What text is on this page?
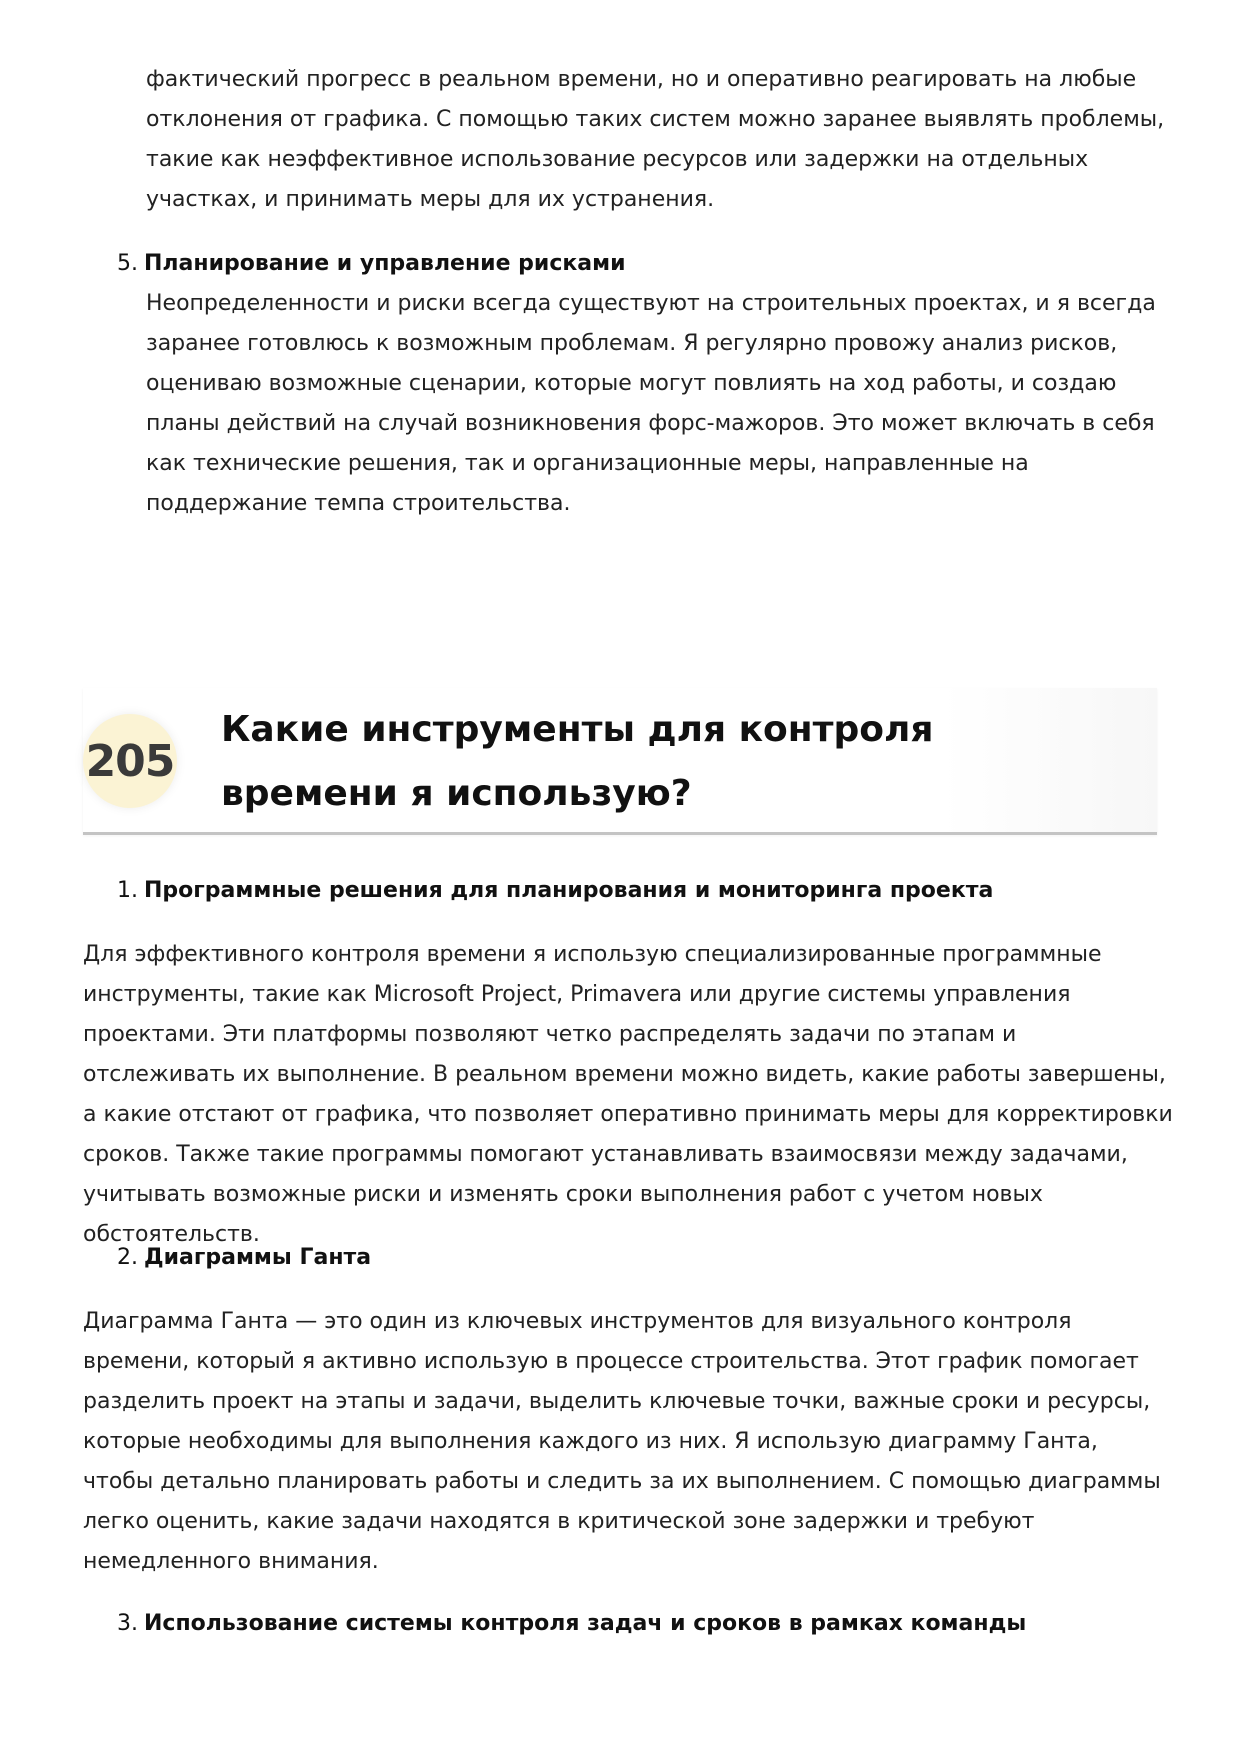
фактический прогресс в реальном времени, но и оперативно реагировать на любые отклонения от графика. С помощью таких систем можно заранее выявлять проблемы, такие как неэффективное использование ресурсов или задержки на отдельных участках, и принимать меры для их устранения.

5. Планирование и управление рисками

Неопределенности и риски всегда существуют на строительных проектах, и я всегда заранее готовлюсь к возможным проблемам. Я регулярно провожу анализ рисков, оцениваю возможные сценарии, которые могут повлиять на ход работы, и создаю планы действий на случай возникновения форс-мажоров. Это может включать в себя как технические решения, так и организационные меры, направленные на поддержание темпа строительства.

205
Какие инструменты для контроля времени я использую?
1. Программные решения для планирования и мониторинга проекта

Для эффективного контроля времени я использую специализированные программные инструменты, такие как Microsoft Project, Primavera или другие системы управления проектами. Эти платформы позволяют четко распределять задачи по этапам и отслеживать их выполнение. В реальном времени можно видеть, какие работы завершены, а какие отстают от графика, что позволяет оперативно принимать меры для корректировки сроков. Также такие программы помогают устанавливать взаимосвязи между задачами, учитывать возможные риски и изменять сроки выполнения работ с учетом новых обстоятельств.

2. Диаграммы Ганта

Диаграмма Ганта — это один из ключевых инструментов для визуального контроля времени, который я активно использую в процессе строительства. Этот график помогает разделить проект на этапы и задачи, выделить ключевые точки, важные сроки и ресурсы, которые необходимы для выполнения каждого из них. Я использую диаграмму Ганта, чтобы детально планировать работы и следить за их выполнением. С помощью диаграммы легко оценить, какие задачи находятся в критической зоне задержки и требуют немедленного внимания.

3. Использование системы контроля задач и сроков в рамках команды
